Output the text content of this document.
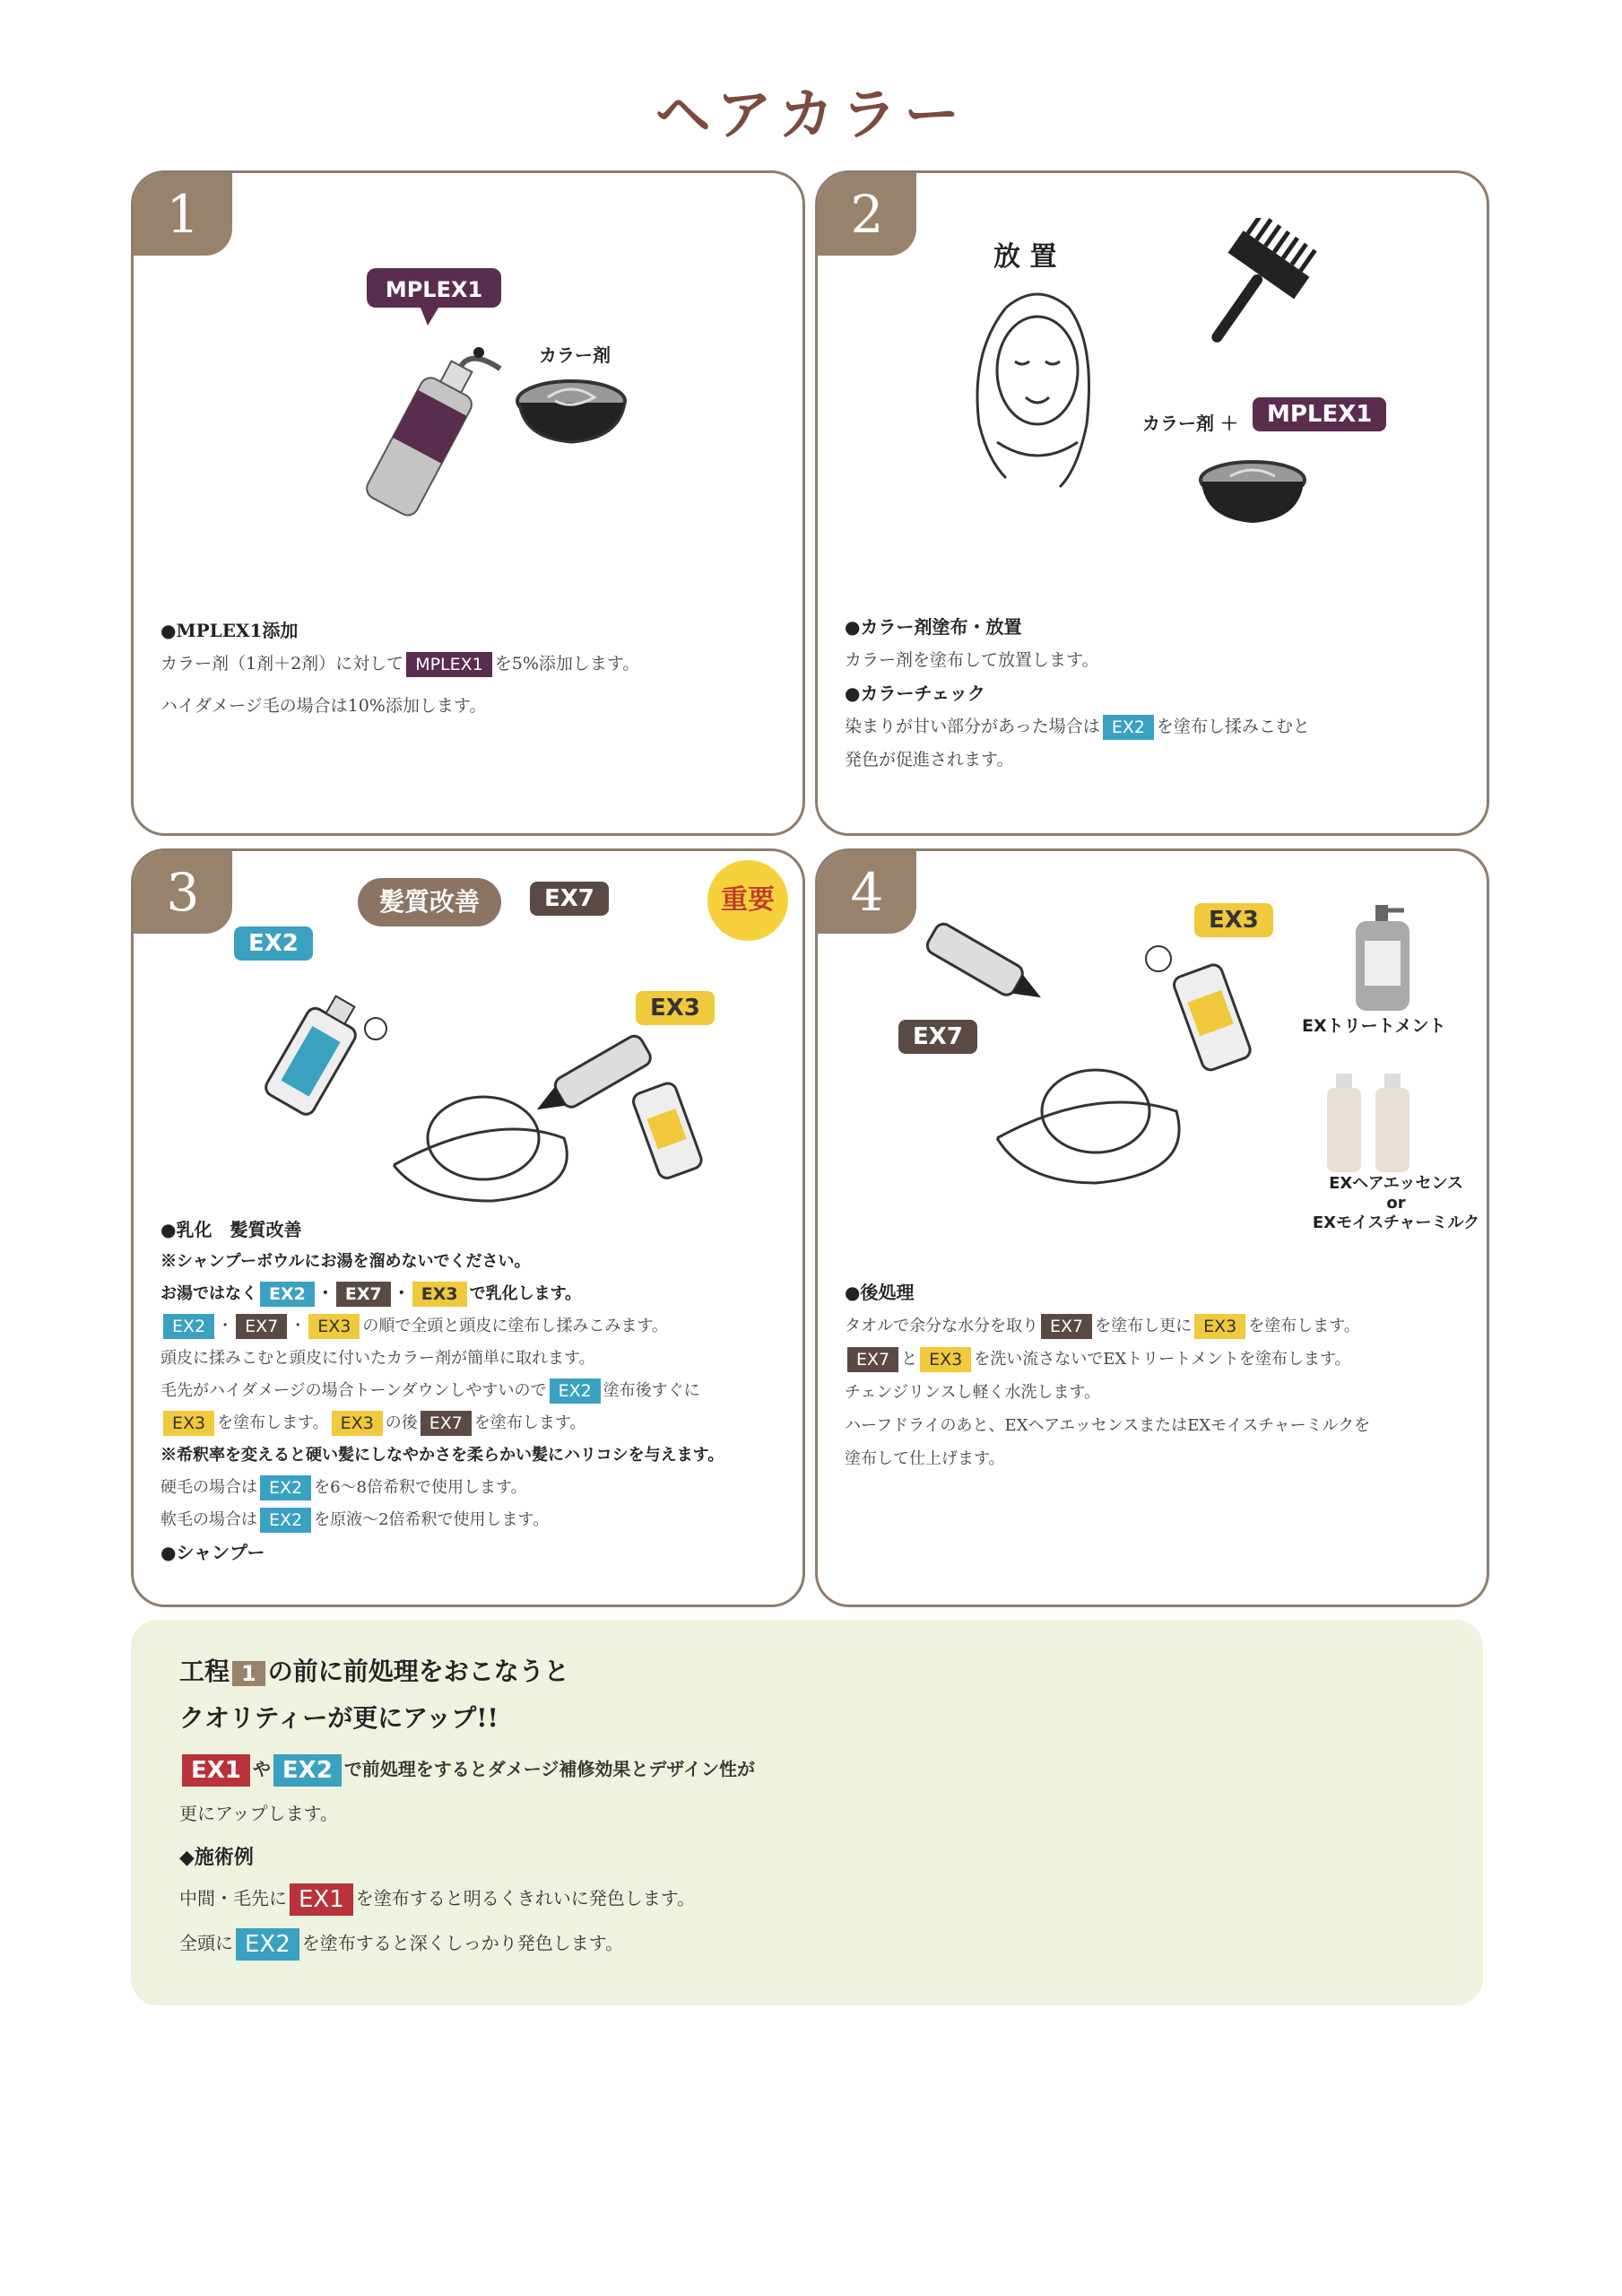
ヘアカラー
1
MPLEX1
カラー剤
●MPLEX1添加
カラー剤（1剤＋2剤）に対して MPLEX1 を5%添加します。
ハイダメージ毛の場合は10%添加します。
2
放 置
カラー剤 ＋	MPLEX1
●カラー剤塗布・放置
カラー剤を塗布して放置します。
●カラーチェック
染まりが甘い部分があった場合は EX2 を塗布し揉みこむと
発色が促進されます。
3	髪質改善	重要
EX2
EX7
EX3
●乳化　髪質改善
※シャンプーボウルにお湯を溜めないでください。
お湯ではなく EX2 ・ EX7 ・ EX3 で乳化します。
EX2 ・ EX7 ・ EX3 の順で全頭と頭皮に塗布し揉みこみます。
頭皮に揉みこむと頭皮に付いたカラー剤が簡単に取れます。
毛先がハイダメージの場合トーンダウンしやすいので EX2 塗布後すぐに
EX3 を塗布します。 EX3 の後 EX7 を塗布します。
※希釈率を変えると硬い髪にしなやかさを柔らかい髪にハリコシを与えます。
硬毛の場合は EX2 を6～8倍希釈で使用します。
軟毛の場合は EX2 を原液～2倍希釈で使用します。
●シャンプー
4	EX3
EX7	EXトリートメント
EXヘアエッセンス
or
EXモイスチャーミルク
●後処理
タオルで余分な水分を取り EX7 を塗布し更に EX3 を塗布します。
EX7 と EX3 を洗い流さないでEXトリートメントを塗布します。
チェンジリンスし軽く水洗します。
ハーフドライのあと、EXヘアエッセンスまたはEXモイスチャーミルクを
塗布して仕上げます。
工程 1 の前に前処理をおこなうと
クオリティーが更にアップ!!
EX1 や EX2 で前処理をするとダメージ補修効果とデザイン性が
更にアップします。
◆施術例
中間・毛先に EX1 を塗布すると明るくきれいに発色します。
全頭に EX2 を塗布すると深くしっかり発色します。
